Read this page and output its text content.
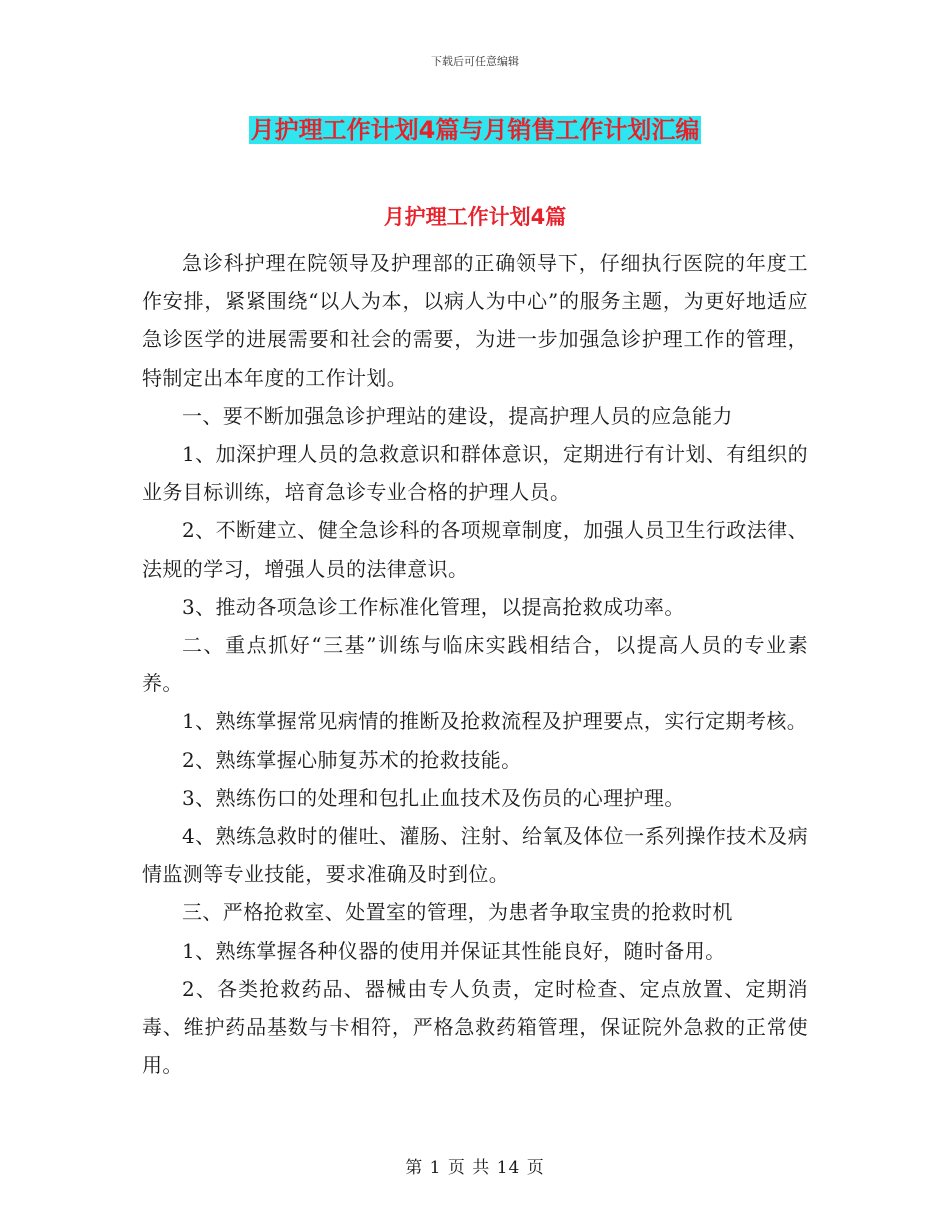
下载后可任意编辑
月护理工作计划4篇与月销售工作计划汇编
月护理工作计划4篇

急诊科护理在院领导及护理部的正确领导下，仔细执行医院的年度工作安排，紧紧围绕“以人为本，以病人为中心”的服务主题，为更好地适应急诊医学的进展需要和社会的需要，为进一步加强急诊护理工作的管理，特制定出本年度的工作计划。

一、要不断加强急诊护理站的建设，提高护理人员的应急能力

1、加深护理人员的急救意识和群体意识，定期进行有计划、有组织的业务目标训练，培育急诊专业合格的护理人员。

2、不断建立、健全急诊科的各项规章制度，加强人员卫生行政法律、法规的学习，增强人员的法律意识。

3、推动各项急诊工作标准化管理，以提高抢救成功率。

二、重点抓好“三基”训练与临床实践相结合，以提高人员的专业素养。

1、熟练掌握常见病情的推断及抢救流程及护理要点，实行定期考核。

2、熟练掌握心肺复苏术的抢救技能。

3、熟练伤口的处理和包扎止血技术及伤员的心理护理。

4、熟练急救时的催吐、灌肠、注射、给氧及体位一系列操作技术及病情监测等专业技能，要求准确及时到位。

三、严格抢救室、处置室的管理，为患者争取宝贵的抢救时机

1、熟练掌握各种仪器的使用并保证其性能良好，随时备用。

2、各类抢救药品、器械由专人负责，定时检查、定点放置、定期消毒、维护药品基数与卡相符，严格急救药箱管理，保证院外急救的正常使用。

第 1 页 共 14 页
